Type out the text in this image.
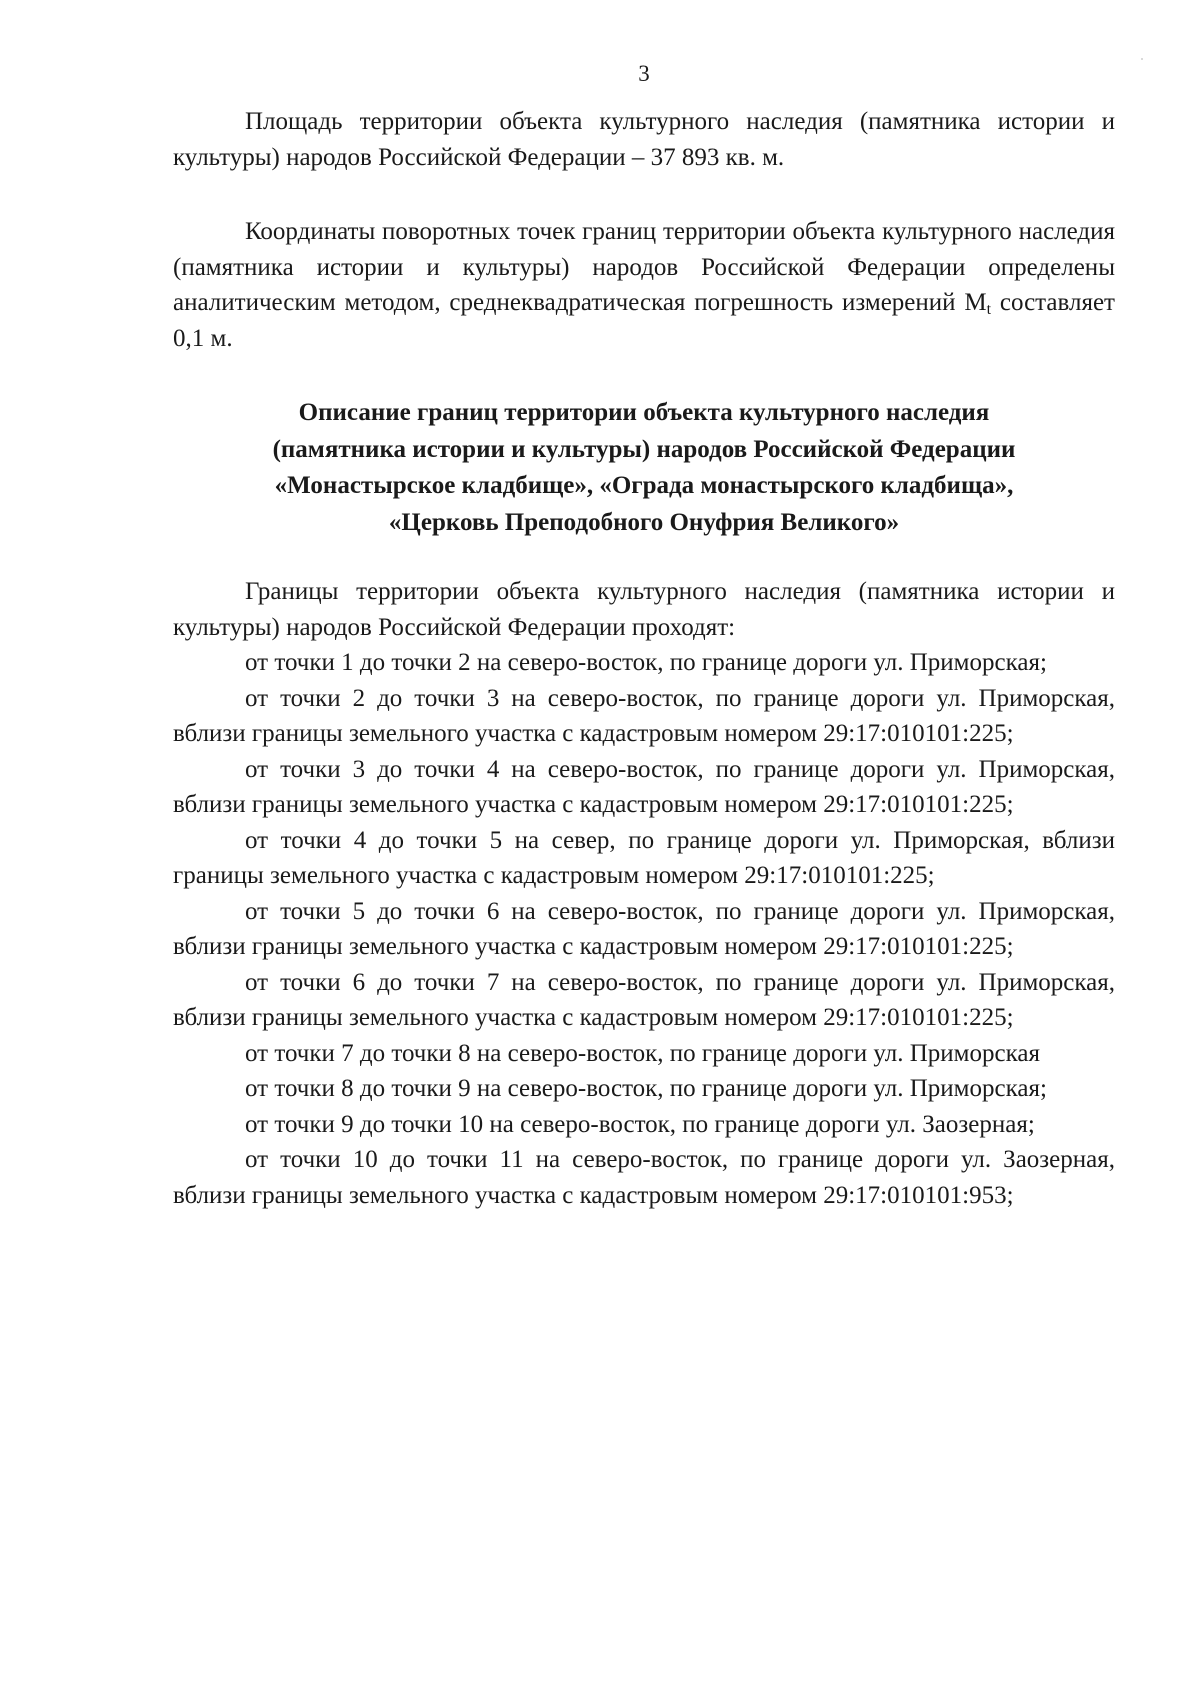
3

Площадь территории объекта культурного наследия (памятника истории и культуры) народов Российской Федерации – 37 893 кв. м.

Координаты поворотных точек границ территории объекта культурного наследия (памятника истории и культуры) народов Российской Федерации определены аналитическим методом, среднеквадратическая погрешность измерений $M_t$ составляет 0,1 м.

Описание границ территории объекта культурного наследия
(памятника истории и культуры) народов Российской Федерации
«Монастырское кладбище», «Ограда монастырского кладбища»,
«Церковь Преподобного Онуфрия Великого»

Границы территории объекта культурного наследия (памятника истории и культуры) народов Российской Федерации проходят:

от точки 1 до точки 2 на северо-восток, по границе дороги ул. Приморская;

от точки 2 до точки 3 на северо-восток, по границе дороги ул. Приморская, вблизи границы земельного участка с кадастровым номером 29:17:010101:225;

от точки 3 до точки 4 на северо-восток, по границе дороги ул. Приморская, вблизи границы земельного участка с кадастровым номером 29:17:010101:225;

от точки 4 до точки 5 на север, по границе дороги ул. Приморская, вблизи границы земельного участка с кадастровым номером 29:17:010101:225;

от точки 5 до точки 6 на северо-восток, по границе дороги ул. Приморская, вблизи границы земельного участка с кадастровым номером 29:17:010101:225;

от точки 6 до точки 7 на северо-восток, по границе дороги ул. Приморская, вблизи границы земельного участка с кадастровым номером 29:17:010101:225;

от точки 7 до точки 8 на северо-восток, по границе дороги ул. Приморская

от точки 8 до точки 9 на северо-восток, по границе дороги ул. Приморская;

от точки 9 до точки 10 на северо-восток, по границе дороги ул. Заозерная;

от точки 10 до точки 11 на северо-восток, по границе дороги ул. Заозерная, вблизи границы земельного участка с кадастровым номером 29:17:010101:953;
